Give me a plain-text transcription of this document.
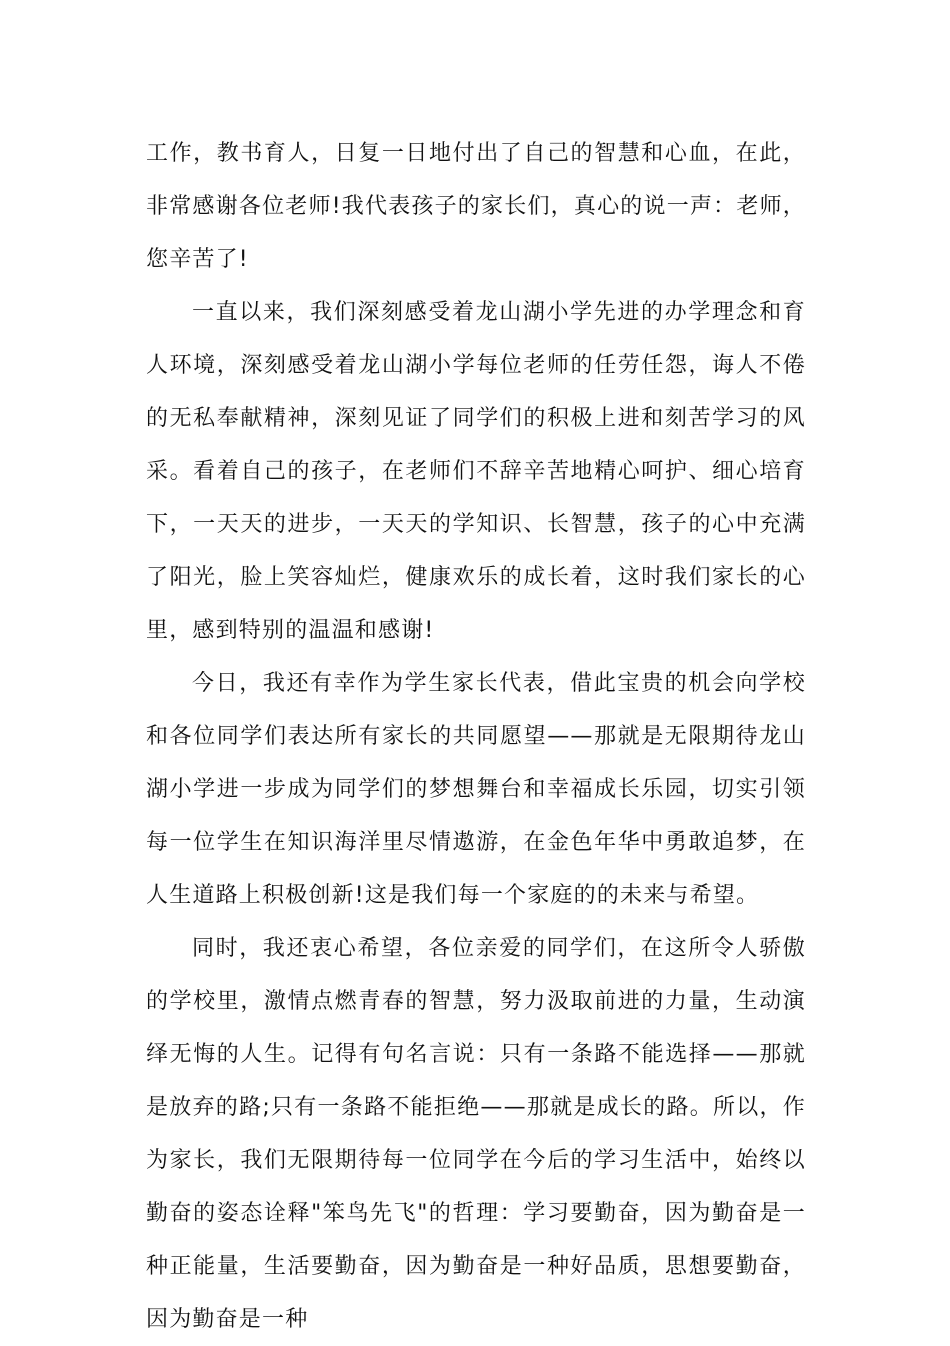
工作，教书育人，日复一日地付出了自己的智慧和心血，在此，非常感谢各位老师!我代表孩子的家长们，真心的说一声：老师，您辛苦了!

一直以来，我们深刻感受着龙山湖小学先进的办学理念和育人环境，深刻感受着龙山湖小学每位老师的任劳任怨，诲人不倦的无私奉献精神，深刻见证了同学们的积极上进和刻苦学习的风采。看着自己的孩子，在老师们不辞辛苦地精心呵护、细心培育下，一天天的进步，一天天的学知识、长智慧，孩子的心中充满了阳光，脸上笑容灿烂，健康欢乐的成长着，这时我们家长的心里，感到特别的温温和感谢!

今日，我还有幸作为学生家长代表，借此宝贵的机会向学校和各位同学们表达所有家长的共同愿望——那就是无限期待龙山湖小学进一步成为同学们的梦想舞台和幸福成长乐园，切实引领每一位学生在知识海洋里尽情遨游，在金色年华中勇敢追梦，在人生道路上积极创新!这是我们每一个家庭的的未来与希望。

同时，我还衷心希望，各位亲爱的同学们，在这所令人骄傲的学校里，激情点燃青春的智慧，努力汲取前进的力量，生动演绎无悔的人生。记得有句名言说：只有一条路不能选择——那就是放弃的路;只有一条路不能拒绝——那就是成长的路。所以，作为家长，我们无限期待每一位同学在今后的学习生活中，始终以勤奋的姿态诠释"笨鸟先飞"的哲理：学习要勤奋，因为勤奋是一种正能量，生活要勤奋，因为勤奋是一种好品质，思想要勤奋，因为勤奋是一种
